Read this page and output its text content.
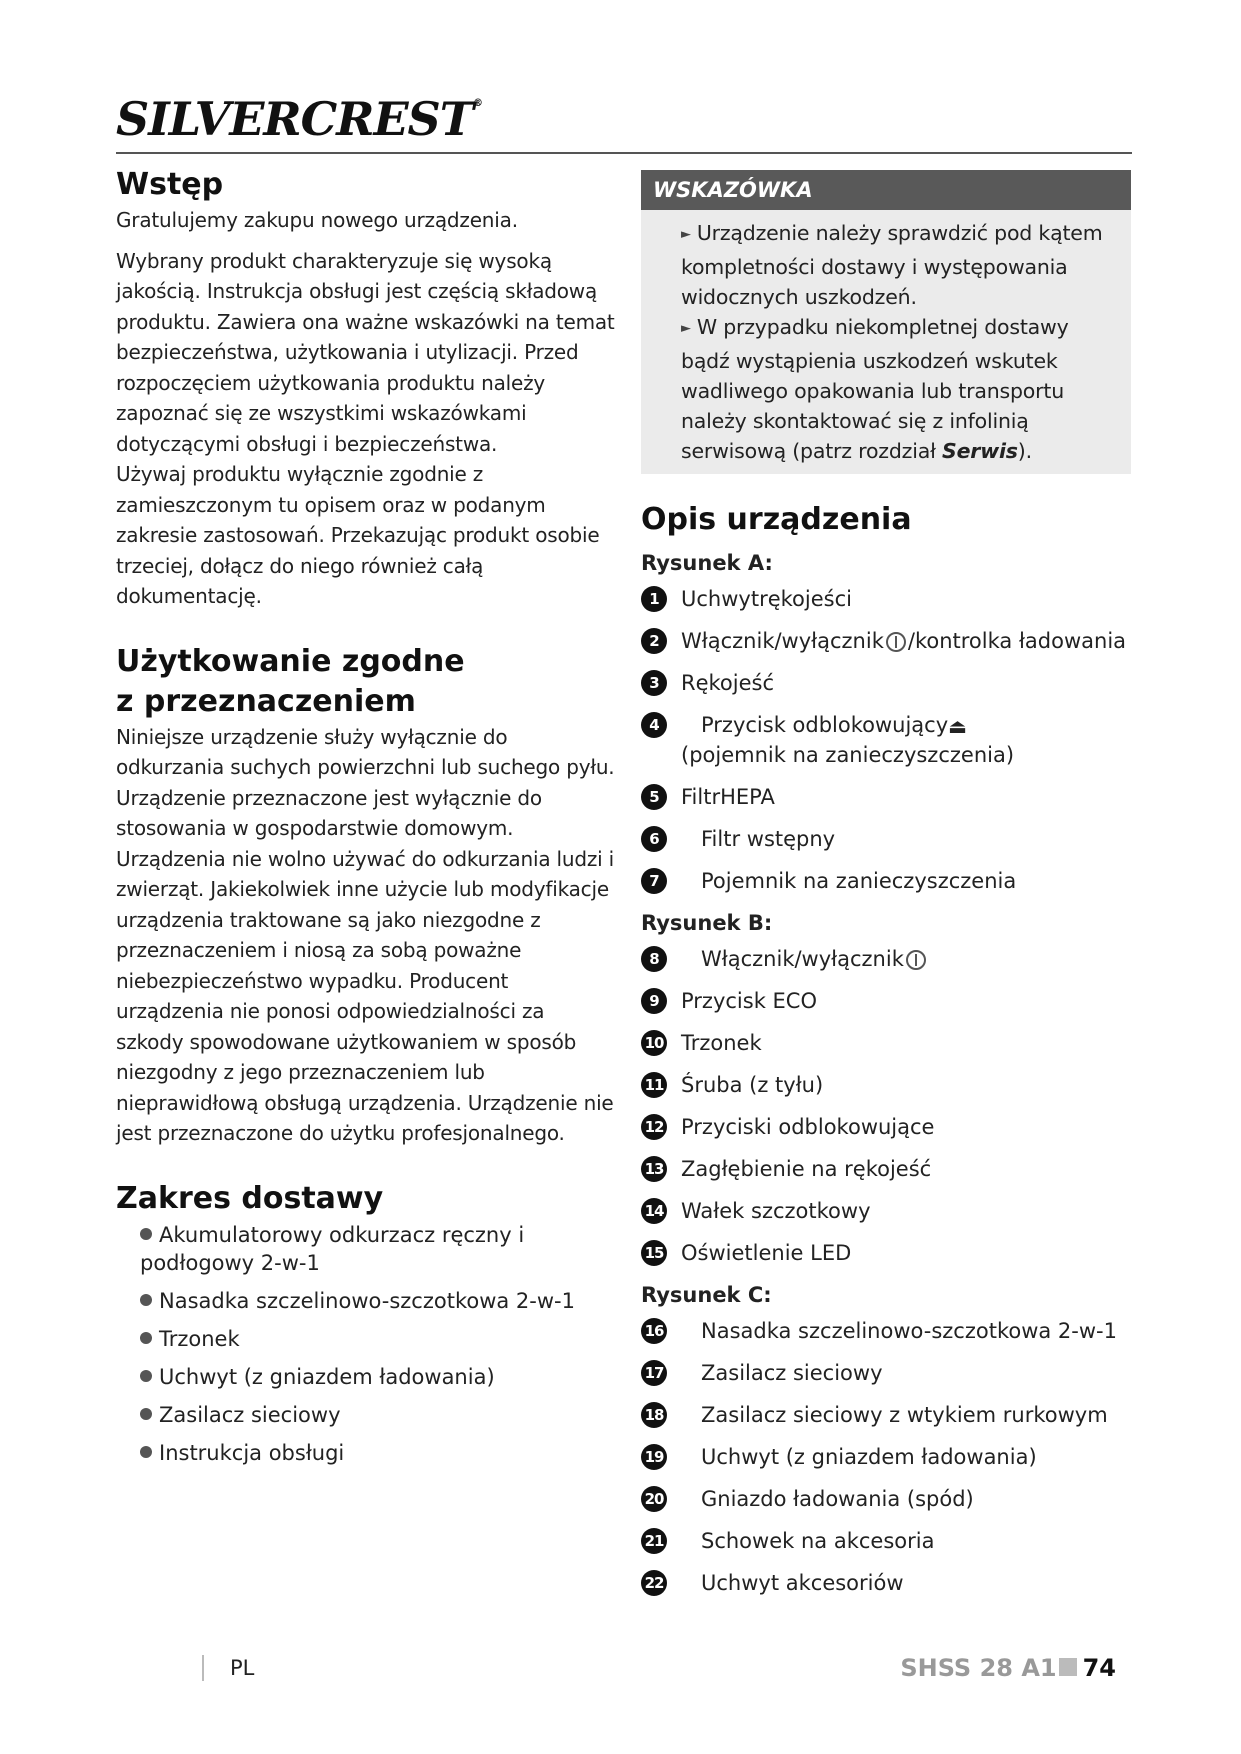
SILVERCREST®
Wstęp

Gratulujemy zakupu nowego urządzenia.

Wybrany produkt charakteryzuje się wysoką jakością. Instrukcja obsługi jest częścią składową produktu. Zawiera ona ważne wskazówki na temat bezpieczeństwa, użytkowania i utylizacji. Przed rozpoczęciem użytkowania produktu należy zapoznać się ze wszystkimi wskazówkami dotyczącymi obsługi i bezpieczeństwa.

Używaj produktu wyłącznie zgodnie z zamieszczonym tu opisem oraz w podanym zakresie zastosowań. Przekazując produkt osobie trzeciej, dołącz do niego również całą dokumentację.

Użytkowanie zgodne
z przeznaczeniem

Niniejsze urządzenie służy wyłącznie do odkurzania suchych powierzchni lub suchego pyłu. Urządzenie przeznaczone jest wyłącznie do stosowania w gospodarstwie domowym. Urządzenia nie wolno używać do odkurzania ludzi i zwierząt. Jakiekolwiek inne użycie lub modyfikacje urządzenia traktowane są jako niezgodne z przeznaczeniem i niosą za sobą poważne niebezpieczeństwo wypadku. Producent urządzenia nie ponosi odpowiedzialności za szkody spowodowane użytkowaniem w sposób niezgodny z jego przeznaczeniem lub nieprawidłową obsługą urządzenia. Urządzenie nie jest przeznaczone do użytku profesjonalnego.

Zakres dostawy
Akumulatorowy odkurzacz ręczny i podłogowy 2-w-1
Nasadka szczelinowo-szczotkowa 2-w-1
Trzonek
Uchwyt (z gniazdem ładowania)
Zasilacz sieciowy
Instrukcja obsługi
WSKAZÓWKA

► Urządzenie należy sprawdzić pod kątem kompletności dostawy i występowania widocznych uszkodzeń.

► W przypadku niekompletnej dostawy bądź wystąpienia uszkodzeń wskutek wadliwego opakowania lub transportu należy skontaktować się z infolinią serwisową (patrz rozdział Serwis).

Opis urządzenia
Rysunek A:
1	Uchwytrękojeści
2	Włącznik/wyłącznik /kontrolka ładowania
3	Rękojeść
4	Przycisk odblokowujący⏏
(pojemnik na zanieczyszczenia)
5	FiltrHEPA
6	Filtr wstępny
7	Pojemnik na zanieczyszczenia
Rysunek B:
8	Włącznik/wyłącznik
9	Przycisk ECO
10 Trzonek
11 Śruba (z tyłu)
12 Przyciski odblokowujące
13 Zagłębienie na rękojeść
14 Wałek szczotkowy
15 Oświetlenie LED
Rysunek C:
16	Nasadka szczelinowo-szczotkowa 2-w-1
17	Zasilacz sieciowy
18	Zasilacz sieciowy z wtykiem rurkowym
19	Uchwyt (z gniazdem ładowania)
20	Gniazdo ładowania (spód)
21	Schowek na akcesoria
22	Uchwyt akcesoriów
PL	SHSS 28 A1 74
